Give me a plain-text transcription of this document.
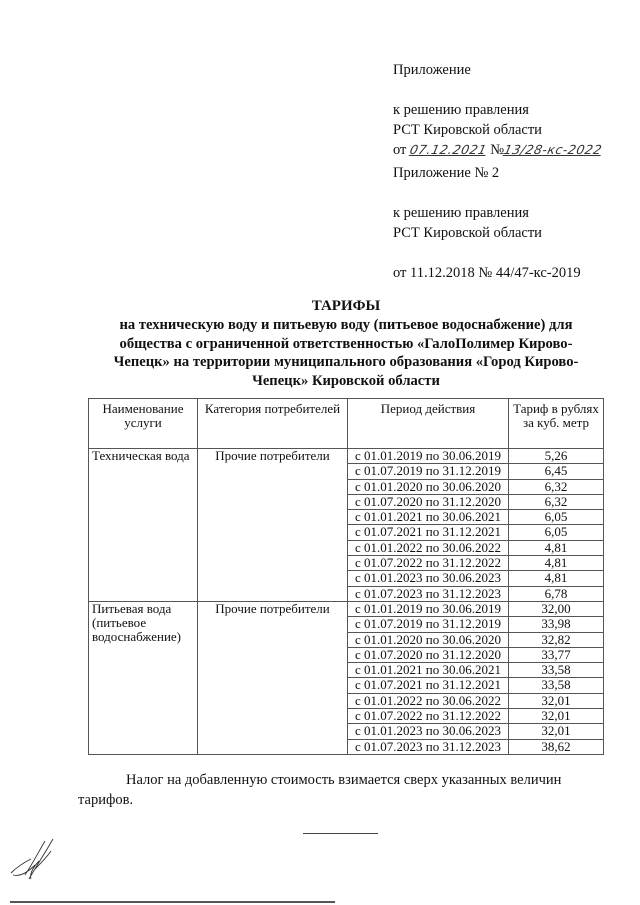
Приложение
к решению правления
РСТ Кировской области
от 07.12.2021 №13/28-кс-2022
Приложение № 2
к решению правления
РСТ Кировской области
от 11.12.2018 № 44/47-кс-2019
ТАРИФЫ
на техническую воду и питьевую воду (питьевое водоснабжение) для
общества с ограниченной ответственностью «ГалоПолимер Кирово-
Чепецк» на территории муниципального образования «Город Кирово-
Чепецк» Кировской области
Наименование услуги	Категория потребителей	Период действия	Тариф в рублях за куб. метр
Техническая вода	Прочие потребители	с 01.01.2019 по 30.06.2019	5,26
		с 01.07.2019 по 31.12.2019	6,45
		с 01.01.2020 по 30.06.2020	6,32
		с 01.07.2020 по 31.12.2020	6,32
		с 01.01.2021 по 30.06.2021	6,05
		с 01.07.2021 по 31.12.2021	6,05
		с 01.01.2022 по 30.06.2022	4,81
		с 01.07.2022 по 31.12.2022	4,81
		с 01.01.2023 по 30.06.2023	4,81
		с 01.07.2023 по 31.12.2023	6,78
Питьевая вода (питьевое водоснабжение)	Прочие потребители	с 01.01.2019 по 30.06.2019	32,00
		с 01.07.2019 по 31.12.2019	33,98
		с 01.01.2020 по 30.06.2020	32,82
		с 01.07.2020 по 31.12.2020	33,77
		с 01.01.2021 по 30.06.2021	33,58
		с 01.07.2021 по 31.12.2021	33,58
		с 01.01.2022 по 30.06.2022	32,01
		с 01.07.2022 по 31.12.2022	32,01
		с 01.01.2023 по 30.06.2023	32,01
		с 01.07.2023 по 31.12.2023	38,62
Налог на добавленную стоимость взимается сверх указанных величин тарифов.
